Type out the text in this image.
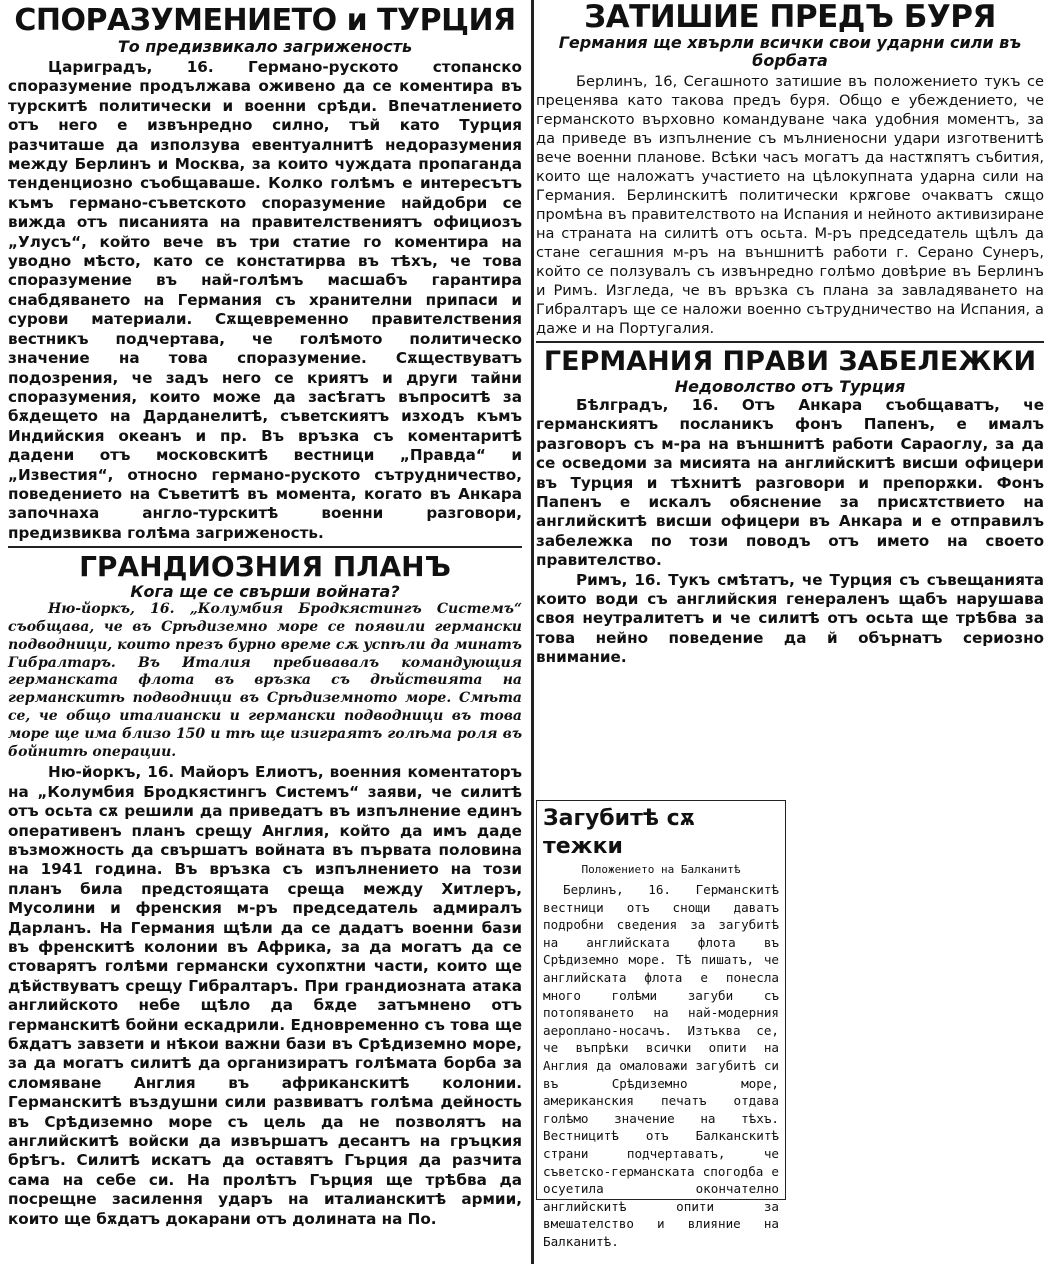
СПОРАЗУМЕНИЕТО и ТУРЦИЯ
То предизвикало загриженость

Цариградъ, 16. Германо-руското стопанско споразумение продължава оживено да се коментира въ турскитѣ политически и военни срѣди. Впечатлението отъ него е извънредно силно, тъй като Турция разчиташе да използува евентуалнитѣ недоразумения между Берлинъ и Москва, за които чуждата пропаганда тенденциозно съобщаваше. Колко голѣмъ е интересътъ къмъ германо-съветското споразумение найдобри се вижда отъ писанията на правителствениятъ официозъ „Улусъ“, който вече въ три статие го коментира на уводно мѣсто, като се констатирва въ тѣхъ, че това споразумение въ най-голѣмъ масшабъ гарантира снабдяването на Германия съ хранителни припаси и сурови материали. Сѫщевременно правителствения вестникъ подчертава, че голѣмото политическо значение на това споразумение. Сѫществуватъ подозрения, че задъ него се криятъ и други тайни споразумения, които може да засѣгатъ въпроситѣ за бѫдещето на Дарданелитѣ, съветскиятъ изходъ къмъ Индийския океанъ и пр. Въ връзка съ коментаритѣ дадени отъ московскитѣ вестници „Правда“ и „Известия“, относно германо-руското сътрудничество, поведението на Съветитѣ въ момента, когато въ Анкара започнаха англо-турскитѣ военни разговори, предизвиква голѣма загриженость.

ГРАНДИОЗНИЯ ПЛАНЪ
Кога ще се свърши войната?

Ню-йоркъ, 16. „Колумбия Бродкястингъ Системъ“ съобщава, че въ Срѣдиземно море се появили германски подводници, които презъ бурно време сѫ успѣли да минатъ Гибралтаръ. Въ Италия пребивавалъ командующия германската флота въ връзка съ дѣйствията на германскитѣ подводници въ Срѣдиземното море. Смѣта се, че общо италиански и германски подводници въ това море ще има близо 150 и тѣ ще изиграятъ голѣма роля въ бойнитѣ операции.

Ню-йоркъ, 16. Майоръ Елиотъ, военния коментаторъ на „Колумбия Бродкястингъ Системъ“ заяви, че силитѣ отъ осьта сѫ решили да приведатъ въ изпълнение единъ оперативенъ планъ срещу Англия, който да имъ даде възможность да свършатъ войната въ първата половина на 1941 година. Въ връзка съ изпълнението на този планъ била предстоящата среща между Хитлеръ, Мусолини и френския м-ръ председатель адмиралъ Дарланъ. На Германия щѣли да се дадатъ военни бази въ френскитѣ колонии въ Африка, за да могатъ да се стоварятъ голѣми германски сухопѫтни части, които ще дѣйствуватъ срещу Гибралтаръ. При грандиозната атака английското небе щѣло да бѫде затъмнено отъ германскитѣ бойни ескадрили. Едновременно съ това ще бѫдатъ завзети и нѣкои важни бази въ Срѣдиземно море, за да могатъ силитѣ да организиратъ голѣмата борба за сломяване Англия въ африканскитѣ колонии. Германскитѣ въздушни сили развиватъ голѣма дейность въ Срѣдиземно море съ цель да не позволятъ на английскитѣ войски да извършатъ десантъ на гръцкия брѣгъ. Силитѣ искатъ да оставятъ Гърция да разчита сама на себе си. На пролѣтъ Гърция ще трѣбва да посрещне засилення ударъ на италианскитѣ армии, които ще бѫдатъ докарани отъ долината на По.

ЗАТИШИЕ ПРЕДЪ БУРЯ
Германия ще хвърли всички свои ударни сили въ борбата

Берлинъ, 16, Сегашното затишие въ положението тукъ се преценява като такова предъ буря. Общо е убеждението, че германското върховно командуване чака удобния моментъ, за да приведе въ изпълнение съ мълниеносни удари изготвенитѣ вече военни планове. Всѣки часъ могатъ да настѫпятъ събития, които ще наложатъ участието на цѣлокупната ударна сили на Германия. Берлинскитѣ политически крѫгове очакватъ сѫщо промѣна въ правителството на Испания и нейното активизиране на страната на силитѣ отъ осьта. М-ръ председатель щѣлъ да стане сегашния м-ръ на външнитѣ работи г. Серано Сунеръ, който се ползувалъ съ извънредно голѣмо довѣрие въ Берлинъ и Римъ. Изгледа, че въ връзка съ плана за завладяването на Гибралтаръ ще се наложи военно сътрудничество на Испания, а даже и на Португалия.

ГЕРМАНИЯ ПРАВИ ЗАБЕЛЕЖКИ
Недоволство отъ Турция

Бѣлградъ, 16. Отъ Анкара съобщаватъ, че германскиятъ посланикъ фонъ Папенъ, е ималъ разговоръ съ м-ра на външнитѣ работи Сараоглу, за да се осведоми за мисията на английскитѣ висши офицери въ Турция и тѣхнитѣ разговори и препорѫки. Фонъ Папенъ е искалъ обяснение за присѫтствието на английскитѣ висши офицери въ Анкара и е отправилъ забележка по този поводъ отъ името на своето правителство.

Римъ, 16. Тукъ смѣтатъ, че Турция съ съвещанията които води съ английския генераленъ щабъ нарушава своя неутралитетъ и че силитѣ отъ осьта ще трѣбва за това нейно поведение да й обърнатъ сериозно внимание.

Загубитѣ сѫ тежки
Положението на Балканитѣ

Берлинъ, 16. Германскитѣ вестници отъ снощи даватъ подробни сведения за загубитѣ на английската флота въ Срѣдиземно море. Тѣ пишатъ, че английската флота е понесла много голѣми загуби съ потопяването на най-модерния аероплано-носачъ. Изтъква се, че въпрѣки всички опити на Англия да омаловажи загубитѣ си въ Срѣдиземно море, американския печатъ отдава голѣмо значение на тѣхъ. Вестницитѣ отъ Балканскитѣ страни подчертаватъ, че съветско-германската спогодба е осуетила окончателно английскитѣ опити за вмешателство и влияние на Балканитѣ.
